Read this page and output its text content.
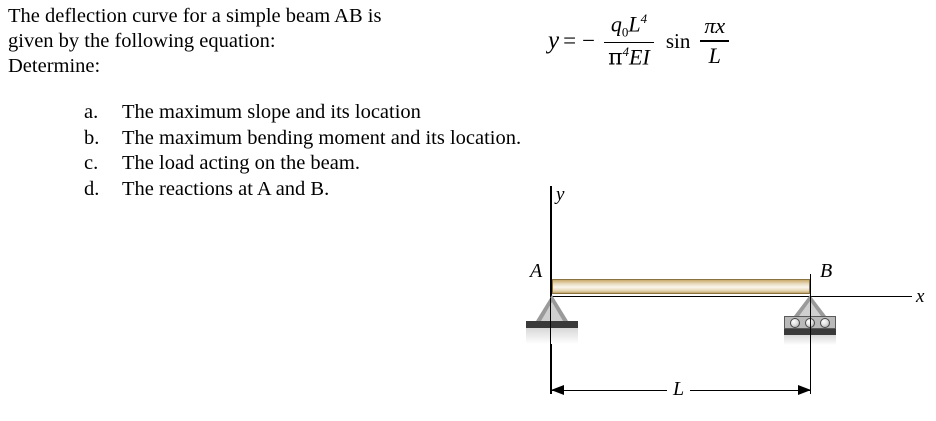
The deflection curve for a simple beam AB is
given by the following equation:
Determine:
y = − $\frac{q_0L^4}{\pi^4EI}$ $\sin \frac{\pi x}{L}$
a.	The maximum slope and its location
b.	The maximum bending moment and its location.
c.	The load acting on the beam.
d.	The reactions at A and B.	y
x
A	B
L
